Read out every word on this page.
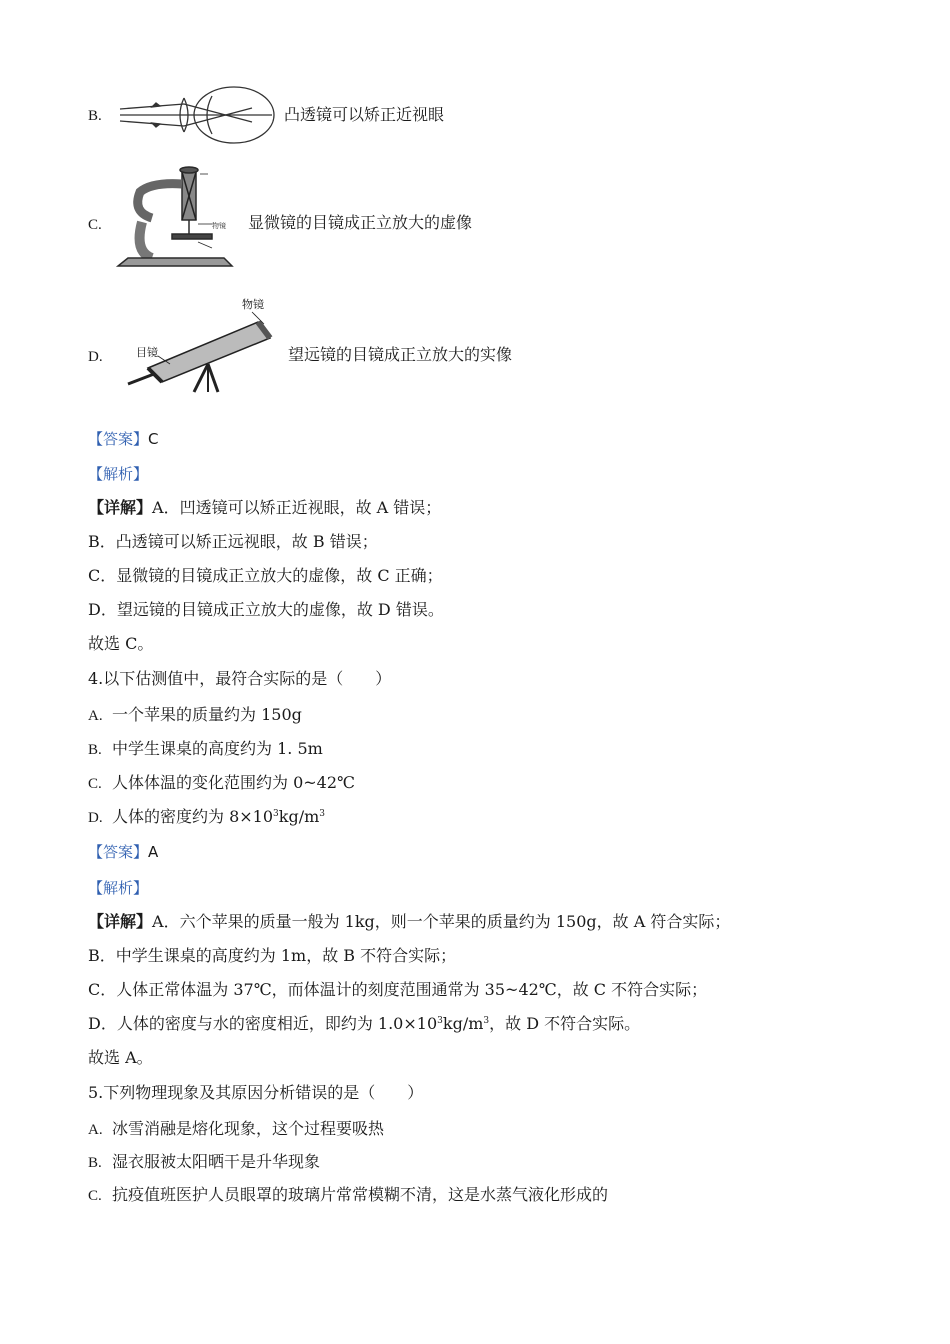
B.	凸透镜可以矫正近视眼
C.	物镜 显微镜的目镜成正立放大的虚像
D.
物镜
目镜	望远镜的目镜成正立放大的实像
【答案】C
【解析】
【详解】A．凹透镜可以矫正近视眼，故 A 错误；
B．凸透镜可以矫正远视眼，故 B 错误；
C．显微镜的目镜成正立放大的虚像，故 C 正确；
D．望远镜的目镜成正立放大的虚像，故 D 错误。
故选 C。
4.以下估测值中，最符合实际的是（　　）
A. 一个苹果的质量约为 150g
B. 中学生课桌的高度约为 1. 5m
C. 人体体温的变化范围约为 0~42℃
D. 人体的密度约为 $8\times 10^3kg/m^3$
【答案】A
【解析】
【详解】A．六个苹果的质量一般为 1kg，则一个苹果的质量约为 150g，故 A 符合实际；
B．中学生课桌的高度约为 1m，故 B 不符合实际；
C．人体正常体温为 37℃，而体温计的刻度范围通常为 35~42℃，故 C 不符合实际；
D．人体的密度与水的密度相近，即约为 $1.0\times 10^3kg/m^3$，故 D 不符合实际。
故选 A。
5.下列物理现象及其原因分析错误的是（　　）
A. 冰雪消融是熔化现象，这个过程要吸热
B. 湿衣服被太阳晒干是升华现象
C. 抗疫值班医护人员眼罩的玻璃片常常模糊不清，这是水蒸气液化形成的
